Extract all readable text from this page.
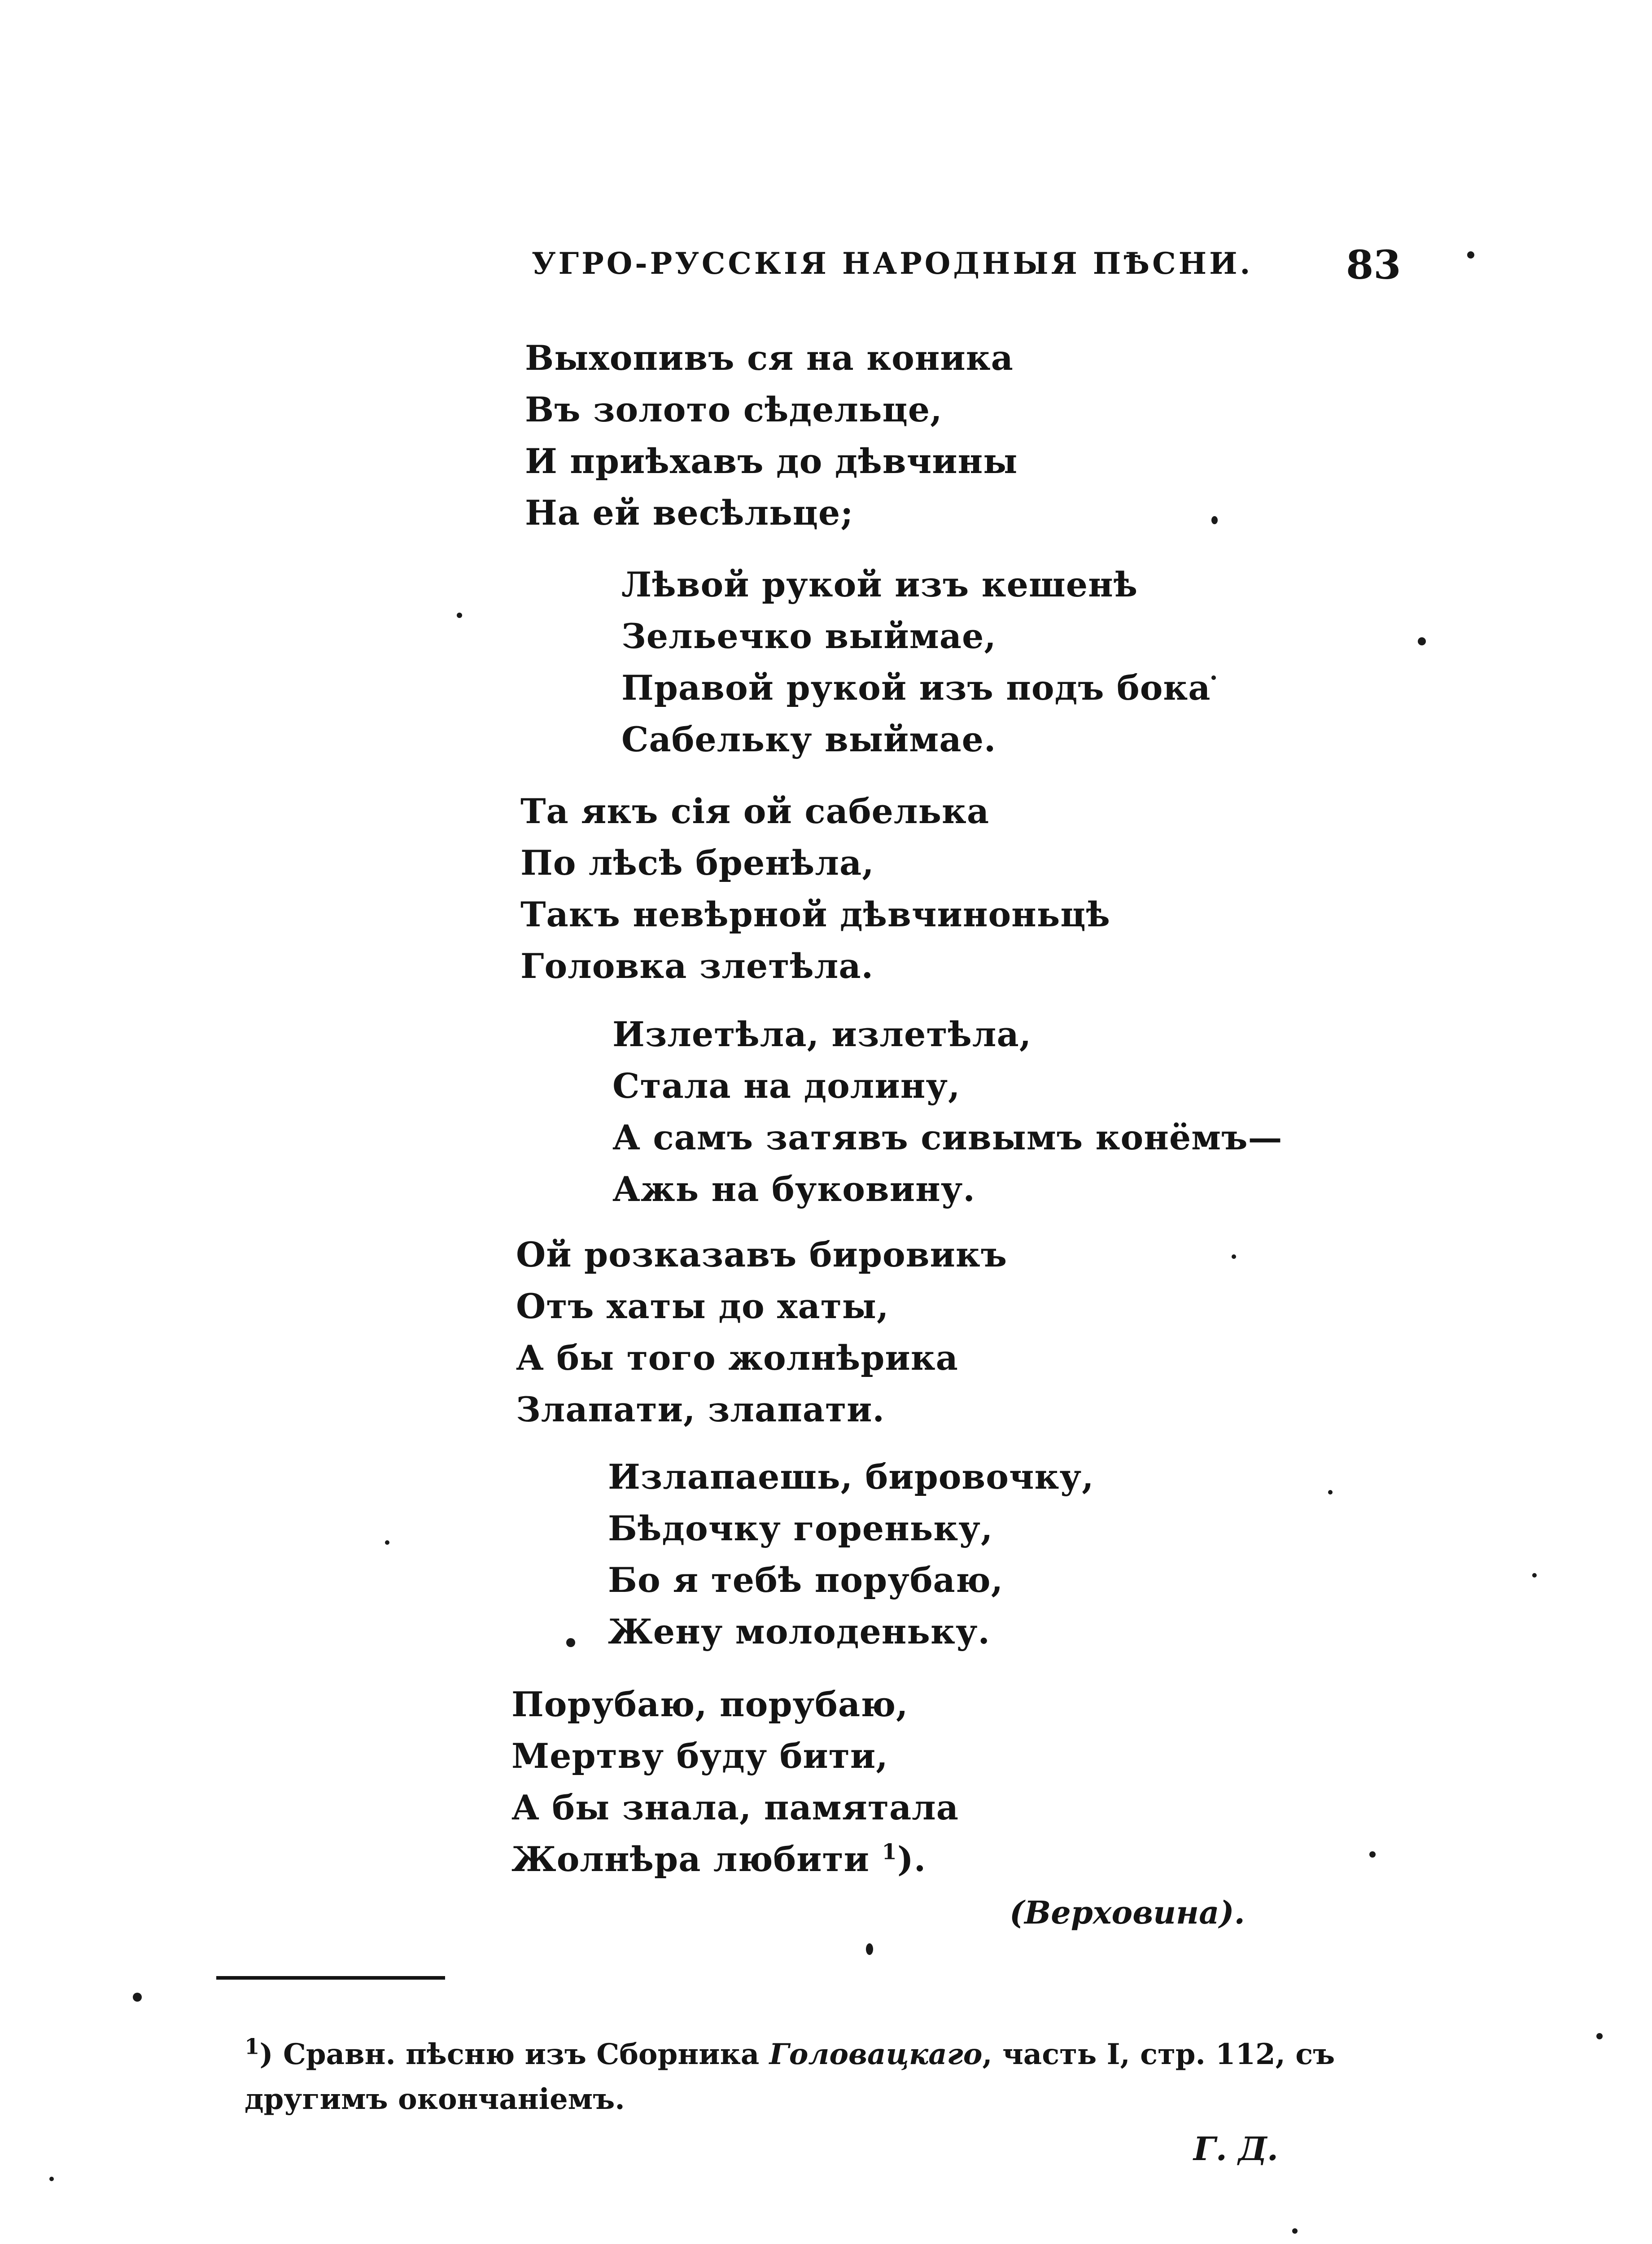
УГРО-РУССКІЯ НАРОДНЫЯ ПѢСНИ. 83
Выхопивъ ся на коника
Въ золото сѣдельце,
И приѣхавъ до дѣвчины
На ей весѣльце;
Лѣвой рукой изъ кешенѣ
Зельечко выймае,
Правой рукой изъ подъ бока
Сабельку выймае.
Та якъ сія ой сабелька
По лѣсѣ бренѣла,
Такъ невѣрной дѣвчиноньцѣ
Головка злетѣла.
Излетѣла, излетѣла,
Стала на долину,
А самъ затявъ сивымъ конёмъ—
Ажь на буковину.
Ой розказавъ бировикъ
Отъ хаты до хаты,
А бы того жолнѣрика
Злапати, злапати.
Излапаешь, бировочку,
Бѣдочку гореньку,
Бо я тебѣ порубаю,
Жену молоденьку.
Порубаю, порубаю,
Мертву буду бити,
А бы знала, памятала
Жолнѣра любити $^1$).
(Верховина).
$^1$) Сравн. пѣсню изъ Сборника Головацкаго, часть I, стр. 112, съ другимъ окончаніемъ.
Г. Д.
